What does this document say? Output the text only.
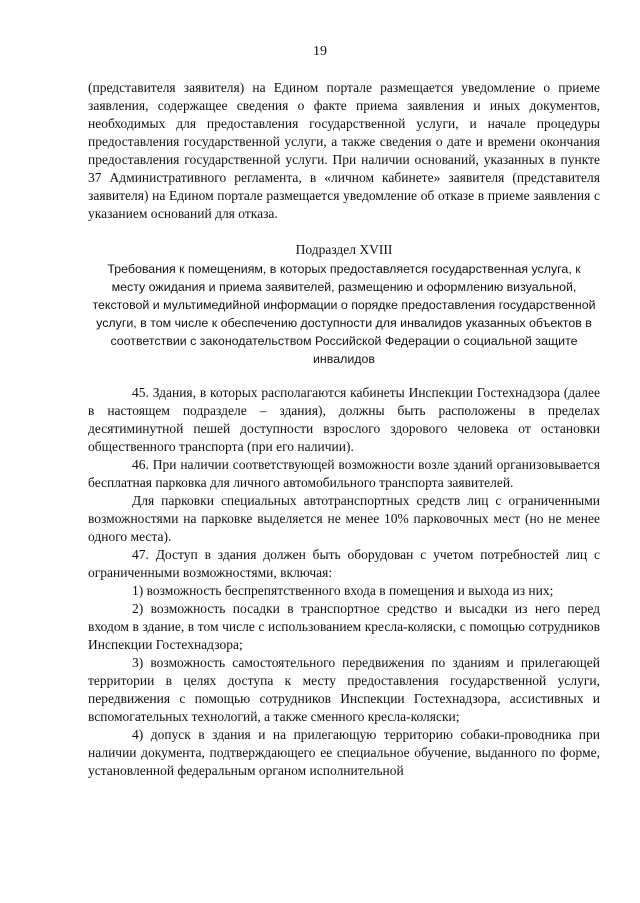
19

(представителя заявителя) на Едином портале размещается уведомление о приеме заявления, содержащее сведения о факте приема заявления и иных документов, необходимых для предоставления государственной услуги, и начале процедуры предоставления государственной услуги, а также сведения о дате и времени окончания предоставления государственной услуги. При наличии оснований, указанных в пункте 37 Административного регламента, в «личном кабинете» заявителя (представителя заявителя) на Едином портале размещается уведомление об отказе в приеме заявления с указанием оснований для отказа.

Подраздел XVIII
Требования к помещениям, в которых предоставляется государственная услуга, к месту ожидания и приема заявителей, размещению и оформлению визуальной, текстовой и мультимедийной информации о порядке предоставления государственной услуги, в том числе к обеспечению доступности для инвалидов указанных объектов в соответствии с законодательством Российской Федерации о социальной защите инвалидов

45. Здания, в которых располагаются кабинеты Инспекции Гостехнадзора (далее в настоящем подразделе – здания), должны быть расположены в пределах десятиминутной пешей доступности взрослого здорового человека от остановки общественного транспорта (при его наличии).

46. При наличии соответствующей возможности возле зданий организовывается бесплатная парковка для личного автомобильного транспорта заявителей.

Для парковки специальных автотранспортных средств лиц с ограниченными возможностями на парковке выделяется не менее 10% парковочных мест (но не менее одного места).

47. Доступ в здания должен быть оборудован с учетом потребностей лиц с ограниченными возможностями, включая:

1) возможность беспрепятственного входа в помещения и выхода из них;

2) возможность посадки в транспортное средство и высадки из него перед входом в здание, в том числе с использованием кресла-коляски, с помощью сотрудников Инспекции Гостехнадзора;

3) возможность самостоятельного передвижения по зданиям и прилегающей территории в целях доступа к месту предоставления государственной услуги, передвижения с помощью сотрудников Инспекции Гостехнадзора, ассистивных и вспомогательных технологий, а также сменного кресла-коляски;

4) допуск в здания и на прилегающую территорию собаки-проводника при наличии документа, подтверждающего ее специальное обучение, выданного по форме, установленной федеральным органом исполнительной
